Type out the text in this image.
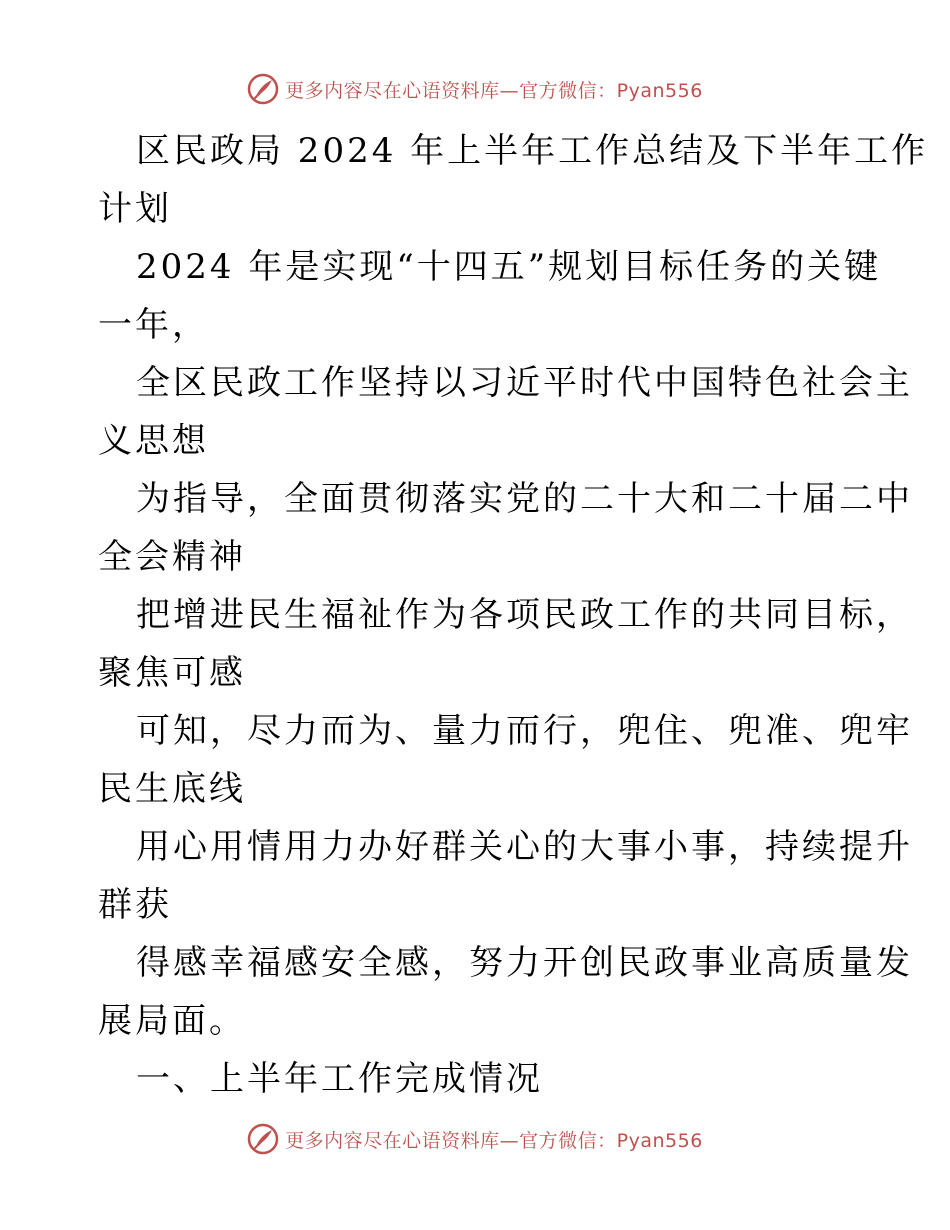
更多内容尽在心语资料库—官方微信：Pyan556
区民政局 2024 年上半年工作总结及下半年工作
计划
2024 年是实现“十四五”规划目标任务的关键
一年，
全区民政工作坚持以习近平时代中国特色社会主
义思想
为指导，全面贯彻落实党的二十大和二十届二中
全会精神
把增进民生福祉作为各项民政工作的共同目标，
聚焦可感
可知，尽力而为、量力而行，兜住、兜准、兜牢
民生底线
用心用情用力办好群关心的大事小事，持续提升
群获
得感幸福感安全感，努力开创民政事业高质量发
展局面。
一、上半年工作完成情况
更多内容尽在心语资料库—官方微信：Pyan556
